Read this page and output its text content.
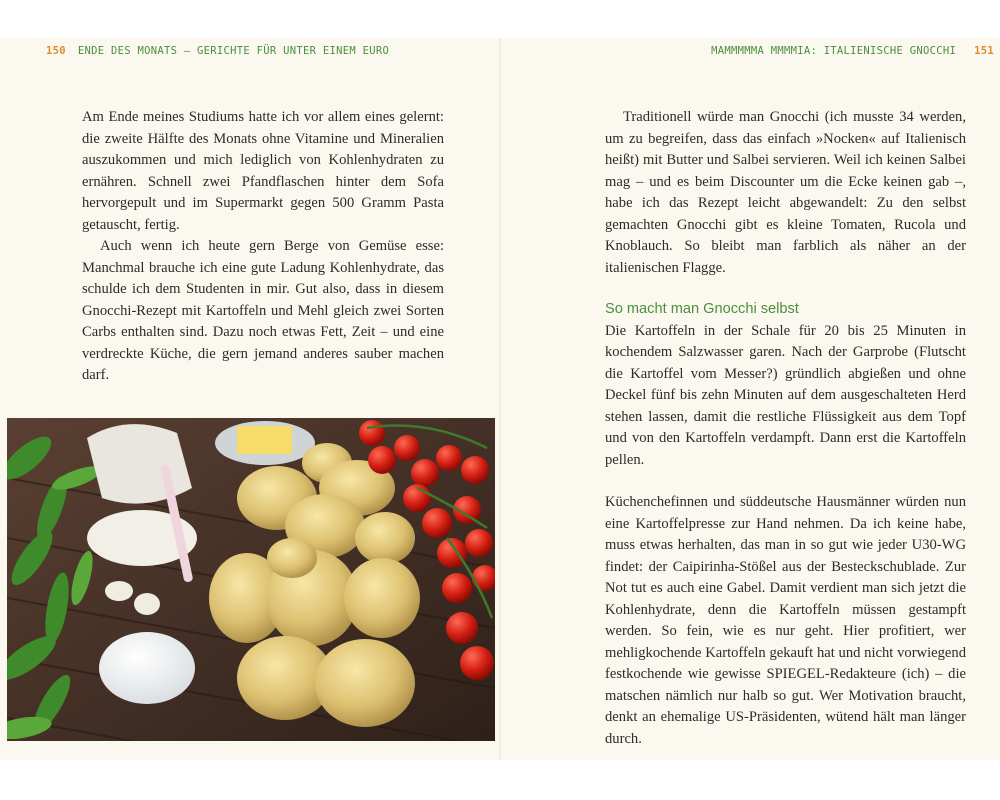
150 ENDE DES MONATS – GERICHTE FÜR UNTER EINEM EURO

Am Ende meines Studiums hatte ich vor allem eines gelernt: die zweite Hälfte des Monats ohne Vitamine und Mineralien auszukommen und mich lediglich von Kohlenhydraten zu ernähren. Schnell zwei Pfandflaschen hinter dem Sofa hervorgepult und im Supermarkt gegen 500 Gramm Pasta getauscht, fertig.

Auch wenn ich heute gern Berge von Gemüse esse: Manchmal brauche ich eine gute Ladung Kohlenhydrate, das schulde ich dem Studenten in mir. Gut also, dass in diesem Gnocchi-Rezept mit Kartoffeln und Mehl gleich zwei Sorten Carbs enthalten sind. Dazu noch etwas Fett, Zeit – und eine verdreckte Küche, die gern jemand anderes sauber machen darf.

MAMMMMMA MMMMIA: ITALIENISCHE GNOCCHI 151

Traditionell würde man Gnocchi (ich musste 34 werden, um zu begreifen, dass das einfach »Nocken« auf Italienisch heißt) mit Butter und Salbei servieren. Weil ich keinen Salbei mag – und es beim Discounter um die Ecke keinen gab –, habe ich das Rezept leicht abgewandelt: Zu den selbst gemachten Gnocchi gibt es kleine Tomaten, Rucola und Knoblauch. So bleibt man farblich als näher an der italienischen Flagge.

So macht man Gnocchi selbst

Die Kartoffeln in der Schale für 20 bis 25 Minuten in kochendem Salzwasser garen. Nach der Garprobe (Flutscht die Kartoffel vom Messer?) gründlich abgießen und ohne Deckel fünf bis zehn Minuten auf dem ausgeschalteten Herd stehen lassen, damit die restliche Flüssigkeit aus dem Topf und von den Kartoffeln verdampft. Dann erst die Kartoffeln pellen.

Küchenchefinnen und süddeutsche Hausmänner würden nun eine Kartoffelpresse zur Hand nehmen. Da ich keine habe, muss etwas herhalten, das man in so gut wie jeder U30-WG findet: der Caipirinha-Stößel aus der Besteckschublade. Zur Not tut es auch eine Gabel. Damit verdient man sich jetzt die Kohlenhydrate, denn die Kartoffeln müssen gestampft werden. So fein, wie es nur geht. Hier profitiert, wer mehligkochende Kartoffeln gekauft hat und nicht vorwiegend festkochende wie gewisse SPIEGEL-Redakteure (ich) – die matschen nämlich nur halb so gut. Wer Motivation braucht, denkt an ehemalige US-Präsidenten, wütend hält man länger durch.
